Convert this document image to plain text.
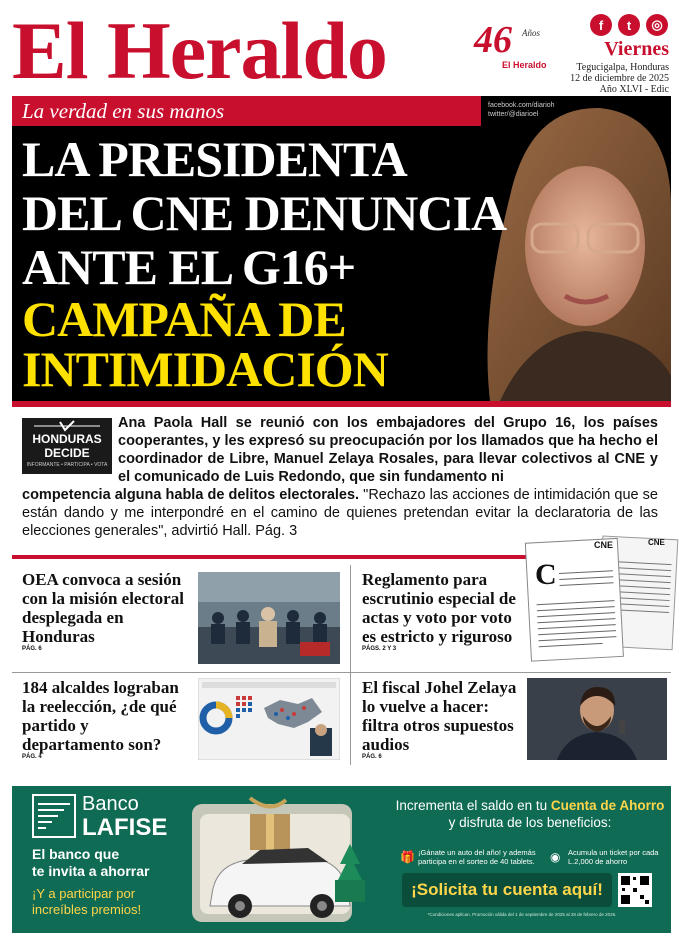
El Heraldo 46 Años
El Heraldo
f	t	◎
Viernes
Tegucigalpa, Honduras
12 de diciembre de 2025
Año XLVI - Edic
La verdad en sus manos	facebook.com/diarioh
twitter/@diarioel
LA PRESIDENTA
DEL CNE DENUNCIA
ANTE EL G16+
CAMPAÑA DE
INTIMIDACIÓN
HONDURAS
DECIDE
INFORMANTE • PARTICIPA • VOTA
Ana Paola Hall se reunió con los embajadores del Grupo 16, los países cooperantes, y les expresó su preocupación por los llamados que ha hecho el coordinador de Libre, Manuel Zelaya Rosales, para llevar colectivos al CNE y el comunicado de Luis Redondo, que sin fundamento ni
competencia alguna habla de delitos electorales. "Rechazo las acciones de intimidación que se están dando y me interpondré en el camino de quienes pretendan evitar la declaratoria de las elecciones generales", advirtió Hall. Pág. 3
C
CNE	CNE
OEA convoca a sesión con la misión electoral desplegada en Honduras
PÁG. 6
Reglamento para escrutinio especial de actas y voto por voto es estricto y riguroso
PÁGS. 2 Y 3
184 alcaldes lograban la reelección, ¿de qué partido y departamento son?
PÁG. 4
El fiscal Johel Zelaya lo vuelve a hacer: filtra otros supuestos audios
PÁG. 6
Banco
LAFISE
El banco que
te invita a ahorrar
¡Y a participar por
increíbles premios!
Incrementa el saldo en tu Cuenta de Ahorro y disfruta de los beneficios:
🎁 ¡Gánate un auto del año! y además participa en el sorteo de 40 tablets. ◉ Acumula un ticket por cada L.2,000 de ahorro
¡Solicita tu cuenta aquí!
*Condiciones aplican. Promoción válida del 1 de septiembre de 2025 al 28 de febrero de 2026.
